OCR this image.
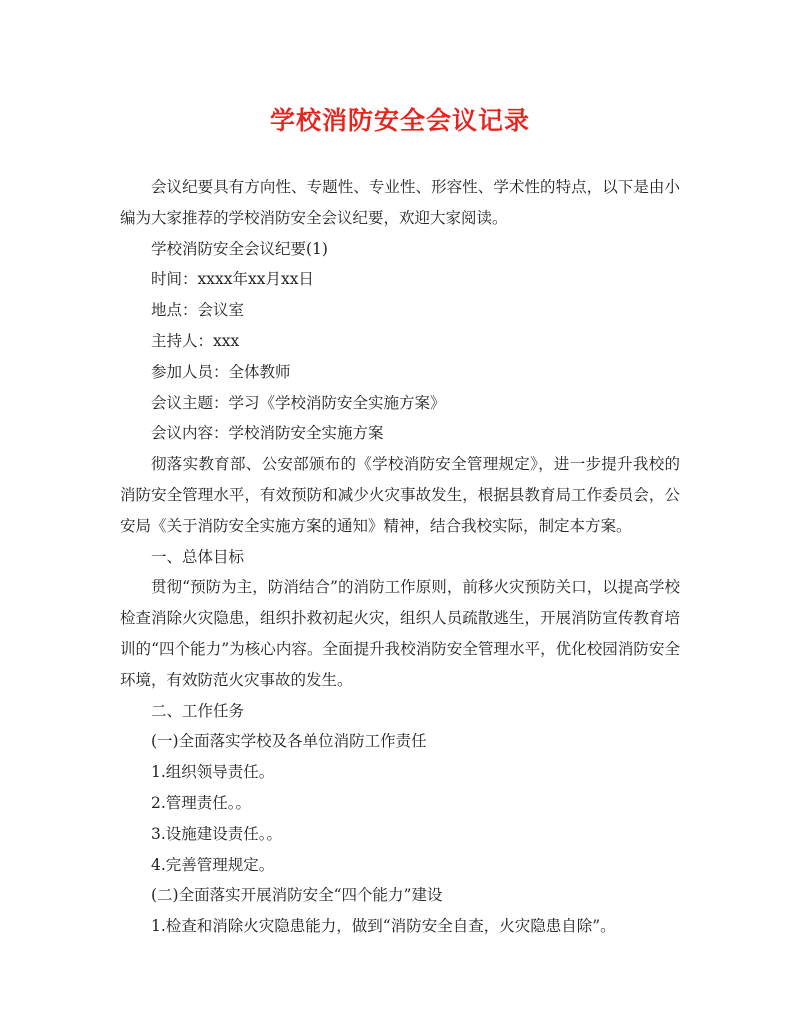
学校消防安全会议记录

会议纪要具有方向性、专题性、专业性、形容性、学术性的特点，以下是由小编为大家推荐的学校消防安全会议纪要，欢迎大家阅读。

学校消防安全会议纪要(1)

时间：xxxx年xx月xx日

地点：会议室

主持人：xxx

参加人员：全体教师

会议主题：学习《学校消防安全实施方案》

会议内容：学校消防安全实施方案

彻落实教育部、公安部颁布的《学校消防安全管理规定》，进一步提升我校的消防安全管理水平，有效预防和减少火灾事故发生，根据县教育局工作委员会，公安局《关于消防安全实施方案的通知》精神，结合我校实际，制定本方案。

一、总体目标

贯彻“预防为主，防消结合”的消防工作原则，前移火灾预防关口，以提高学校检查消除火灾隐患，组织扑救初起火灾，组织人员疏散逃生，开展消防宣传教育培训的“四个能力”为核心内容。全面提升我校消防安全管理水平，优化校园消防安全环境，有效防范火灾事故的发生。

二、工作任务

(一)全面落实学校及各单位消防工作责任

1.组织领导责任。

2.管理责任。。

3.设施建设责任。。

4.完善管理规定。

(二)全面落实开展消防安全“四个能力”建设

1.检查和消除火灾隐患能力，做到“消防安全自查，火灾隐患自除”。
